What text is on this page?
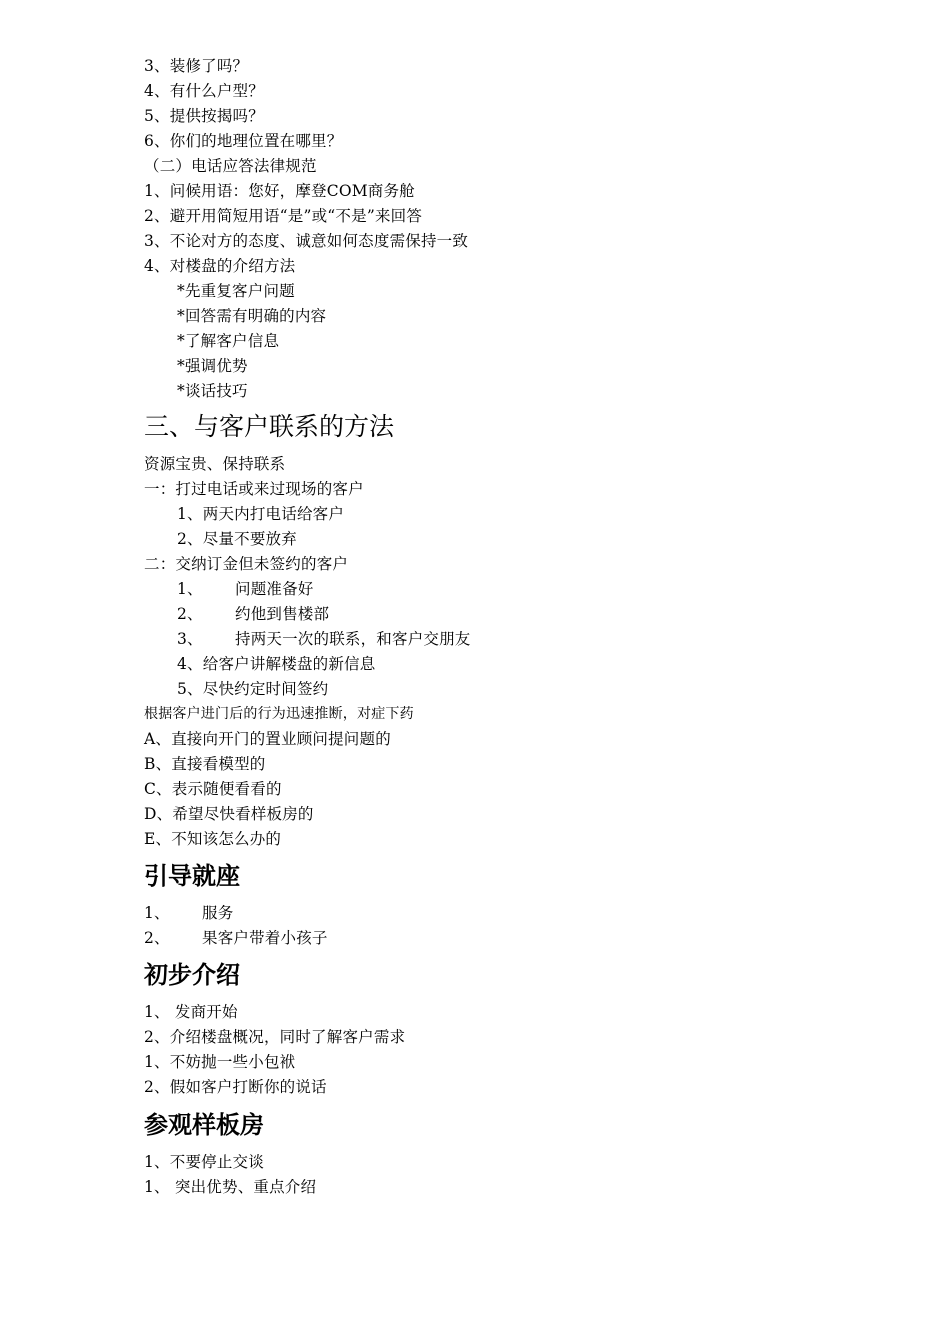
3、装修了吗？
4、有什么户型？
5、提供按揭吗？
6、你们的地理位置在哪里？
（二）电话应答法律规范
1、问候用语：您好，摩登COM商务舱
2、避开用简短用语“是”或“不是”来回答
3、不论对方的态度、诚意如何态度需保持一致
4、对楼盘的介绍方法
*先重复客户问题
*回答需有明确的内容
*了解客户信息
*强调优势
*谈话技巧
三、与客户联系的方法
资源宝贵、保持联系
一：打过电话或来过现场的客户
1、两天内打电话给客户
2、尽量不要放弃
二：交纳订金但未签约的客户
1、 问题准备好
2、 约他到售楼部
3、 持两天一次的联系，和客户交朋友
4、给客户讲解楼盘的新信息
5、尽快约定时间签约
根据客户进门后的行为迅速推断，对症下药
A、直接向开门的置业顾问提问题的
B、直接看模型的
C、表示随便看看的
D、希望尽快看样板房的
E、不知该怎么办的
引导就座
1、 服务
2、 果客户带着小孩子
初步介绍
1、 发商开始
2、介绍楼盘概况，同时了解客户需求
1、不妨抛一些小包袱
2、假如客户打断你的说话
参观样板房
1、不要停止交谈
1、 突出优势、重点介绍
